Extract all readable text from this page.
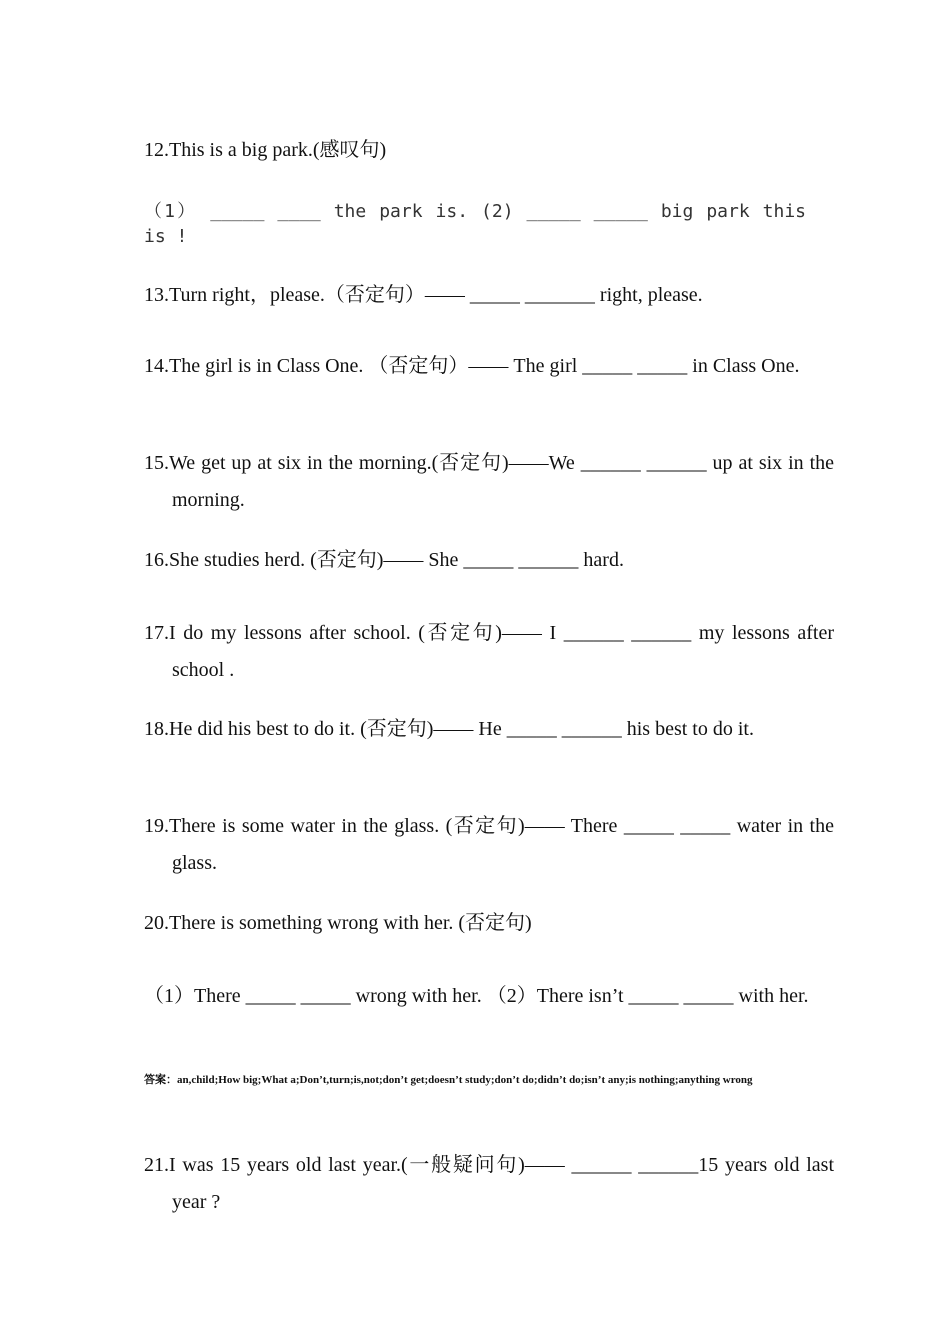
12.This is a big park.(感叹句)
（1） _____ ____ the park is. (2) _____ _____ big park this is !
13.Turn right，please.（否定句）—— _____ _______ right, please.
14.The girl is in Class One. （否定句）—— The girl _____ _____ in Class One.
15.We get up at six in the morning.(否定句)——We ______ ______ up at six in the morning.
16.She studies herd. (否定句)—— She _____ ______ hard.
17.I do my lessons after school. (否定句)—— I ______ ______ my lessons after school .
18.He did his best to do it. (否定句)—— He _____ ______ his best to do it.
19.There is some water in the glass. (否定句)—— There _____ _____ water in the glass.
20.There is something wrong with her. (否定句)
（1）There _____ _____ wrong with her. （2）There isn’t _____ _____ with her.
答案：an,child;How big;What a;Don’t,turn;is,not;don’t get;doesn’t study;don’t do;didn’t do;isn’t any;is nothing;anything wrong
21.I was 15 years old last year.(一般疑问句)—— ______ ______15 years old last year ?
